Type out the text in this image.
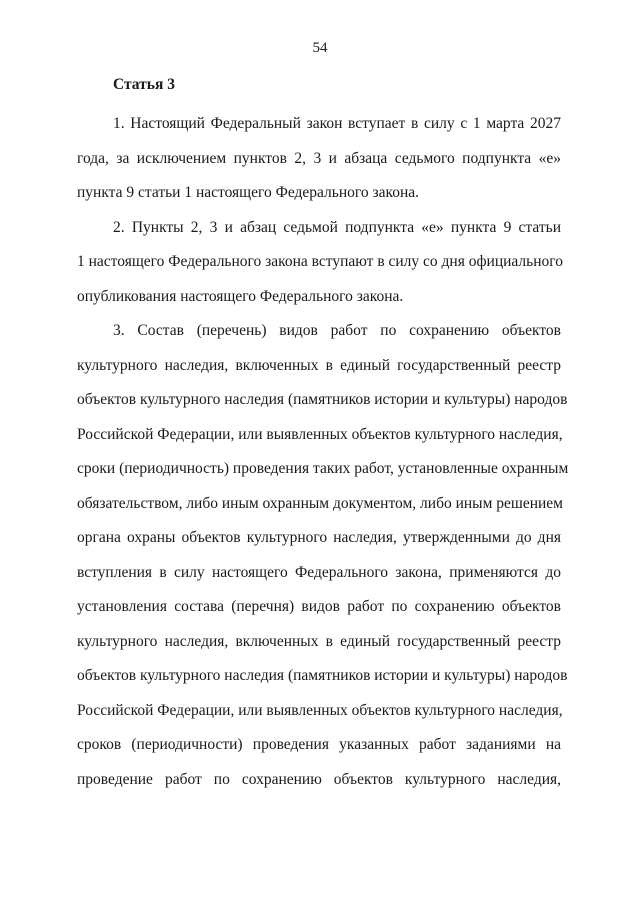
54
Статья 3
1. Настоящий Федеральный закон вступает в силу с 1 марта 2027
года, за исключением пунктов 2, 3 и абзаца седьмого подпункта «е»
пункта 9 статьи 1 настоящего Федерального закона.
2. Пункты 2, 3 и абзац седьмой подпункта «е» пункта 9 статьи
1 настоящего Федерального закона вступают в силу со дня официального
опубликования настоящего Федерального закона.
3. Состав (перечень) видов работ по сохранению объектов
культурного наследия, включенных в единый государственный реестр
объектов культурного наследия (памятников истории и культуры) народов
Российской Федерации, или выявленных объектов культурного наследия,
сроки (периодичность) проведения таких работ, установленные охранным
обязательством, либо иным охранным документом, либо иным решением
органа охраны объектов культурного наследия, утвержденными до дня
вступления в силу настоящего Федерального закона, применяются до
установления состава (перечня) видов работ по сохранению объектов
культурного наследия, включенных в единый государственный реестр
объектов культурного наследия (памятников истории и культуры) народов
Российской Федерации, или выявленных объектов культурного наследия,
сроков (периодичности) проведения указанных работ заданиями на
проведение работ по сохранению объектов культурного наследия,
